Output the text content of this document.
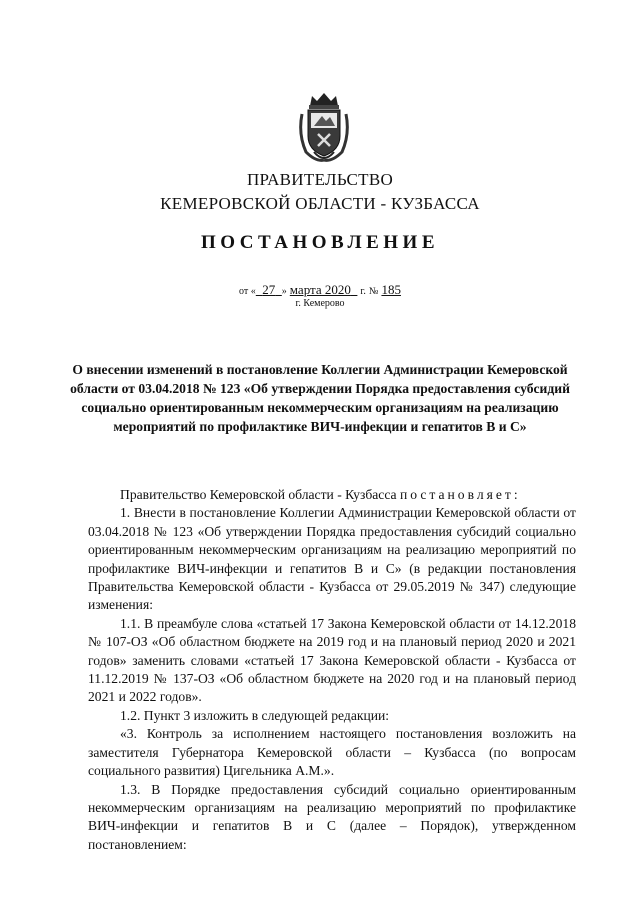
ПРАВИТЕЛЬСТВО
КЕМЕРОВСКОЙ ОБЛАСТИ - КУЗБАССА
ПОСТАНОВЛЕНИЕ
от « 27 » марта 2020 г. № 185
г. Кемерово
О внесении изменений в постановление Коллегии Администрации Кемеровской области от 03.04.2018 № 123 «Об утверждении Порядка предоставления субсидий социально ориентированным некоммерческим организациям на реализацию мероприятий по профилактике ВИЧ-инфекции и гепатитов В и С»

Правительство Кемеровской области - Кузбасса постановляет:

1. Внести в постановление Коллегии Администрации Кемеровской области от 03.04.2018 № 123 «Об утверждении Порядка предоставления субсидий социально ориентированным некоммерческим организациям на реализацию мероприятий по профилактике ВИЧ-инфекции и гепатитов В и С» (в редакции постановления Правительства Кемеровской области - Кузбасса от 29.05.2019 № 347) следующие изменения:

1.1. В преамбуле слова «статьей 17 Закона Кемеровской области от 14.12.2018 № 107-ОЗ «Об областном бюджете на 2019 год и на плановый период 2020 и 2021 годов» заменить словами «статьей 17 Закона Кемеровской области - Кузбасса от 11.12.2019 № 137-ОЗ «Об областном бюджете на 2020 год и на плановый период 2021 и 2022 годов».

1.2. Пункт 3 изложить в следующей редакции:

«3. Контроль за исполнением настоящего постановления возложить на заместителя Губернатора Кемеровской области – Кузбасса (по вопросам социального развития) Цигельника А.М.».

1.3. В Порядке предоставления субсидий социально ориентированным некоммерческим организациям на реализацию мероприятий по профилактике ВИЧ-инфекции и гепатитов В и С (далее – Порядок), утвержденном постановлением:
